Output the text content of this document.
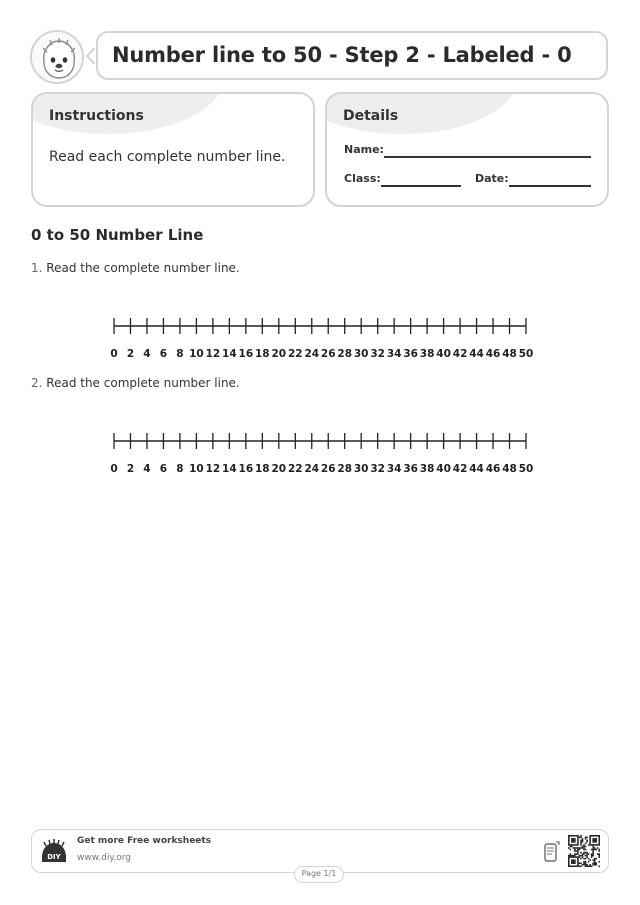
Number line to 50 - Step 2 - Labeled - 0
Instructions
Read each complete number line.
Details
Name:
Class:	Date:
0 to 50 Number Line
1. Read the complete number line.
0 2 4 6 8 10 12 14 16 18 20 22 24 26 28 30 32 34 36 38 40 42 44 46 48 50
2. Read the complete number line.
0 2 4 6 8 10 12 14 16 18 20 22 24 26 28 30 32 34 36 38 40 42 44 46 48 50
DIY
Get more Free worksheets
www.diy.org
Page 1/1
